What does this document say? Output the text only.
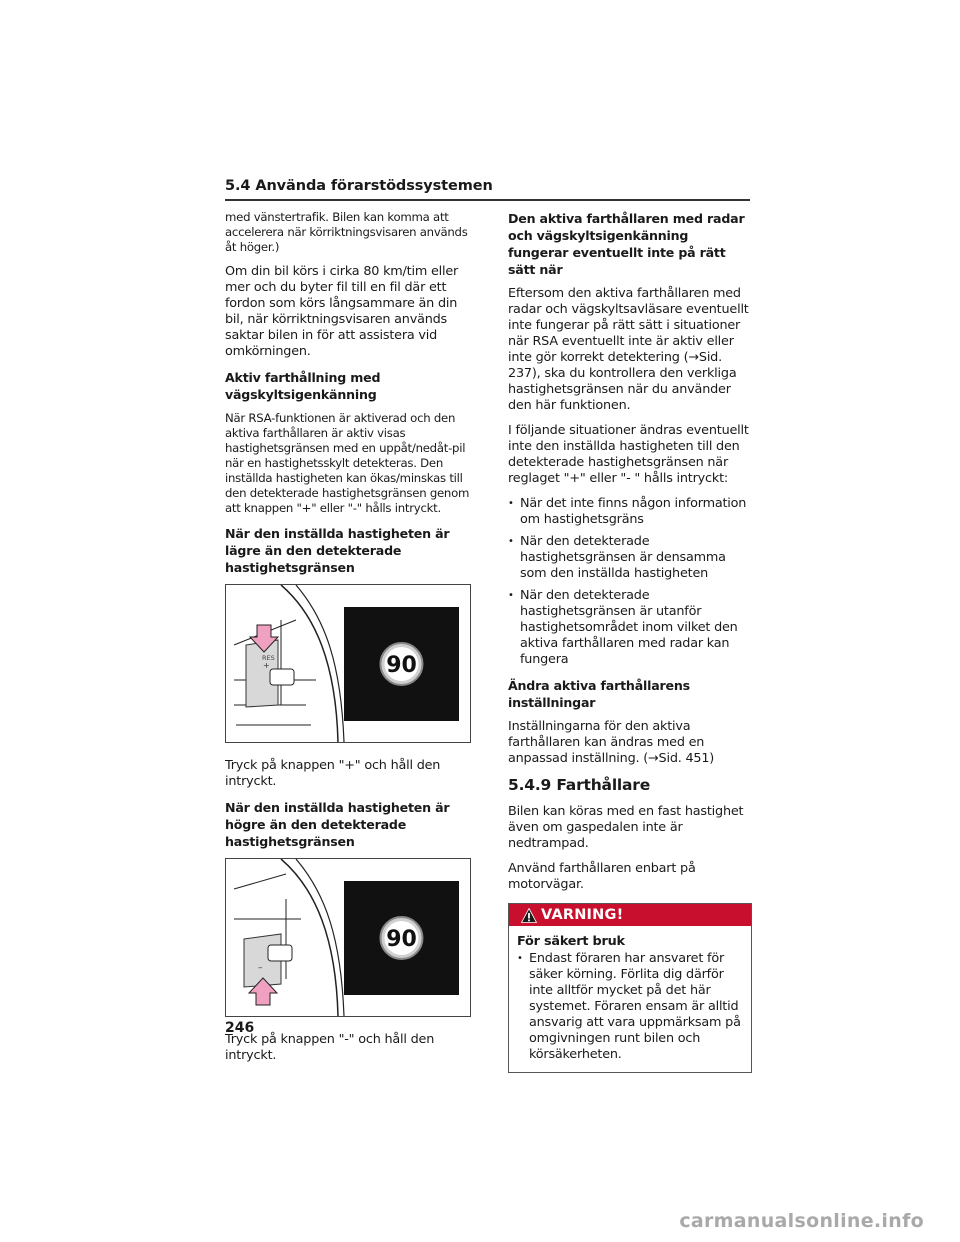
5.4 Använda förarstödssystemen

med vänstertrafik. Bilen kan komma att accelerera när körriktningsvisaren används åt höger.)

Om din bil körs i cirka 80 km/tim eller mer och du byter fil till en fil där ett fordon som körs långsammare än din bil, när körriktningsvisaren används saktar bilen in för att assistera vid omkörningen.

Aktiv farthållning med vägskyltsigenkänning

När RSA-funktionen är aktiverad och den aktiva farthållaren är aktiv visas hastighetsgränsen med en uppåt/nedåt-pil när en hastighetsskylt detekteras. Den inställda hastigheten kan ökas/minskas till den detekterade hastighetsgränsen genom att knappen "+" eller "-" hålls intryckt.

När den inställda hastigheten är lägre än den detekterade hastighetsgränsen
RES
+	90

Tryck på knappen "+" och håll den intryckt.

När den inställda hastigheten är högre än den detekterade hastighetsgränsen
–
90

Tryck på knappen "-" och håll den intryckt.

Den aktiva farthållaren med radar och vägskyltsigenkänning fungerar eventuellt inte på rätt sätt när

Eftersom den aktiva farthållaren med radar och vägskyltsavläsare eventuellt inte fungerar på rätt sätt i situationer när RSA eventuellt inte är aktiv eller inte gör korrekt detektering (→Sid. 237), ska du kontrollera den verkliga hastighetsgränsen när du använder den här funktionen.

I följande situationer ändras eventuellt inte den inställda hastigheten till den detekterade hastighetsgränsen när reglaget "+" eller "- " hålls intryckt:

• När det inte finns någon information om hastighetsgräns
• När den detekterade hastighetsgränsen är densamma som den inställda hastigheten
• När den detekterade hastighetsgränsen är utanför hastighetsområdet inom vilket den aktiva farthållaren med radar kan fungera
Ändra aktiva farthållarens inställningar

Inställningarna för den aktiva farthållaren kan ändras med en anpassad inställning. (→Sid. 451)

5.4.9 Farthållare

Bilen kan köras med en fast hastighet även om gaspedalen inte är nedtrampad.

Använd farthållaren enbart på motorvägar.

VARNING!
För säkert bruk
• Endast föraren har ansvaret för säker körning. Förlita dig därför inte alltför mycket på det här systemet. Föraren ensam är alltid ansvarig att vara uppmärksam på omgivningen runt bilen och körsäkerheten.
246
carmanualsonline.info
